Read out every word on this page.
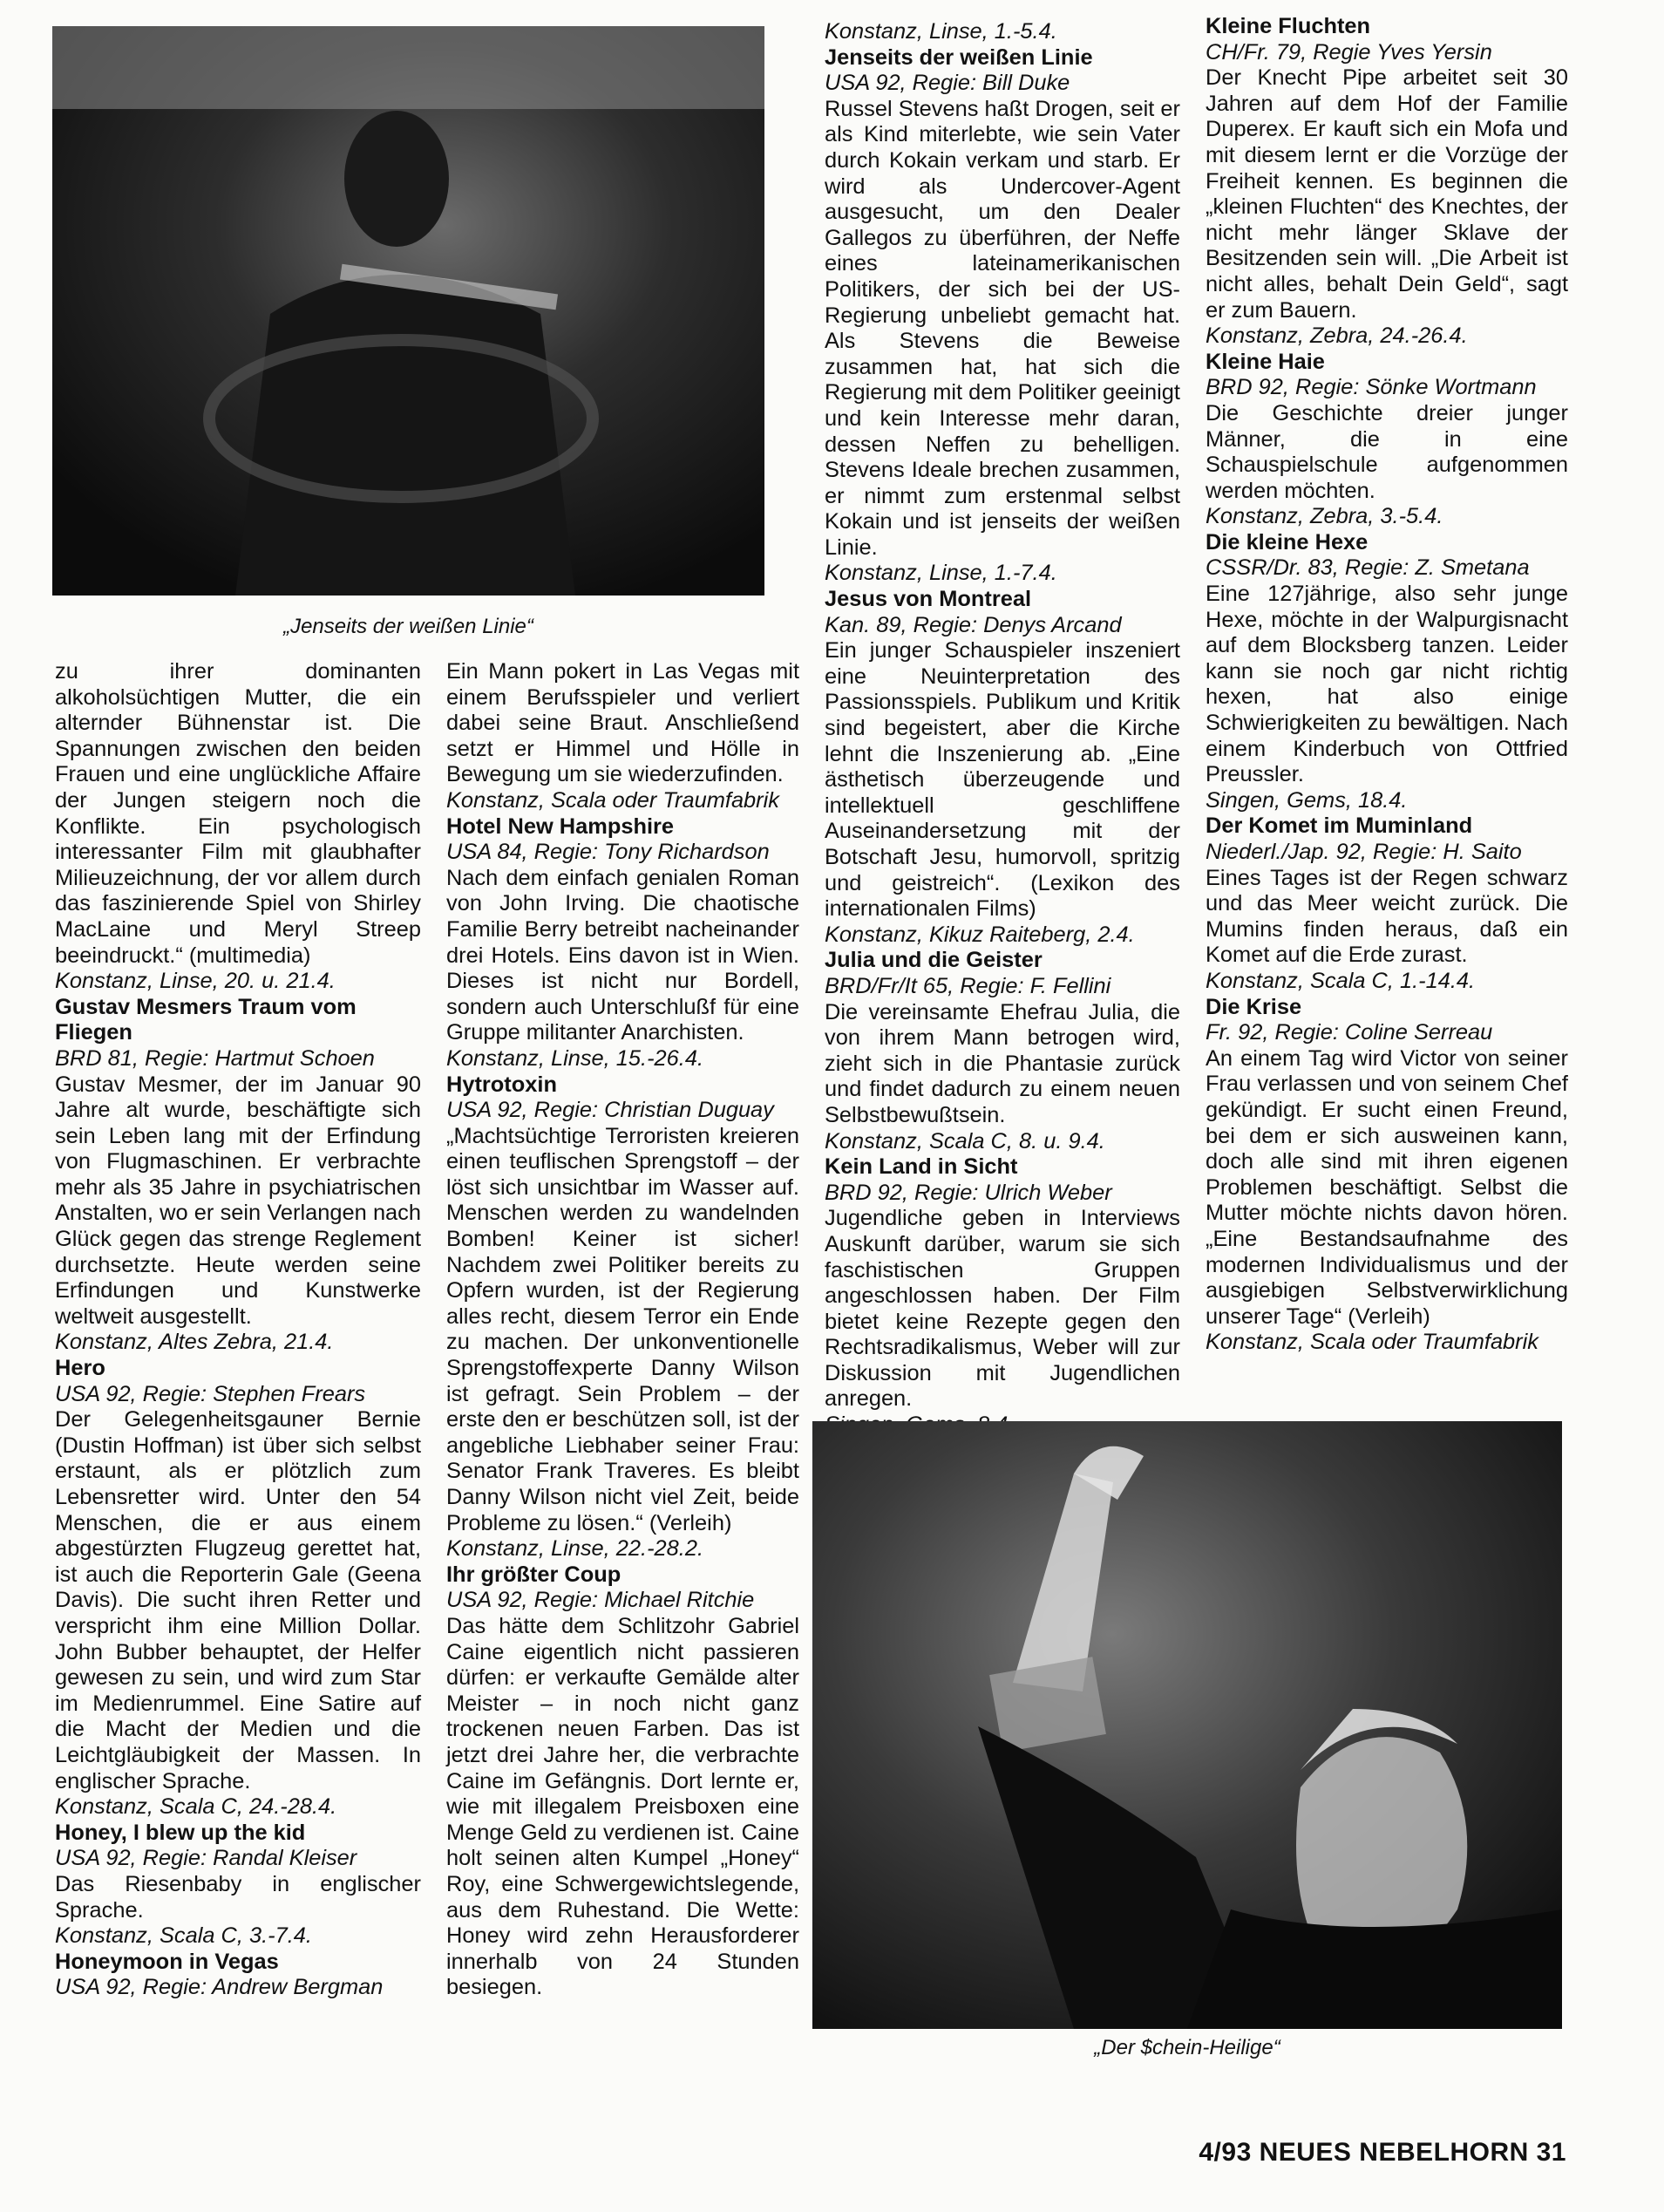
„Jenseits der weißen Linie“
zu ihrer dominanten alkoholsüchtigen Mutter, die ein alternder Bühnenstar ist. Die Spannungen zwischen den beiden Frauen und eine unglückliche Affaire der Jungen steigern noch die Konflikte. Ein psychologisch interessanter Film mit glaubhafter Milieuzeichnung, der vor allem durch das faszinierende Spiel von Shirley MacLaine und Meryl Streep beeindruckt.“ (multimedia)
Konstanz, Linse, 20. u. 21.4.
Gustav Mesmers Traum vom Fliegen
BRD 81, Regie: Hartmut Schoen
Gustav Mesmer, der im Januar 90 Jahre alt wurde, beschäftigte sich sein Leben lang mit der Erfindung von Flugmaschinen. Er verbrachte mehr als 35 Jahre in psychiatrischen Anstalten, wo er sein Verlangen nach Glück gegen das strenge Reglement durchsetzte. Heute werden seine Erfindungen und Kunstwerke weltweit ausgestellt.
Konstanz, Altes Zebra, 21.4.
Hero
USA 92, Regie: Stephen Frears
Der Gelegenheitsgauner Bernie (Dustin Hoffman) ist über sich selbst erstaunt, als er plötzlich zum Lebensretter wird. Unter den 54 Menschen, die er aus einem abgestürzten Flugzeug gerettet hat, ist auch die Reporterin Gale (Geena Davis). Die sucht ihren Retter und verspricht ihm eine Million Dollar. John Bubber behauptet, der Helfer gewesen zu sein, und wird zum Star im Medienrummel. Eine Satire auf die Macht der Medien und die Leichtgläubigkeit der Massen. In englischer Sprache.
Konstanz, Scala C, 24.-28.4.
Honey, I blew up the kid
USA 92, Regie: Randal Kleiser
Das Riesenbaby in englischer Sprache.
Konstanz, Scala C, 3.-7.4.
Honeymoon in Vegas
USA 92, Regie: Andrew Bergman
Ein Mann pokert in Las Vegas mit einem Berufsspieler und verliert dabei seine Braut. Anschließend setzt er Himmel und Hölle in Bewegung um sie wiederzufinden.
Konstanz, Scala oder Traumfabrik
Hotel New Hampshire
USA 84, Regie: Tony Richardson
Nach dem einfach genialen Roman von John Irving. Die chaotische Familie Berry betreibt nacheinander drei Hotels. Eins davon ist in Wien. Dieses ist nicht nur Bordell, sondern auch Unterschlußf für eine Gruppe militanter Anarchisten.
Konstanz, Linse, 15.-26.4.
Hytrotoxin
USA 92, Regie: Christian Duguay
„Machtsüchtige Terroristen kreieren einen teuflischen Sprengstoff – der löst sich unsichtbar im Wasser auf. Menschen werden zu wandelnden Bomben! Keiner ist sicher! Nachdem zwei Politiker bereits zu Opfern wurden, ist der Regierung alles recht, diesem Terror ein Ende zu machen. Der unkonventionelle Sprengstoffexperte Danny Wilson ist gefragt. Sein Problem – der erste den er beschützen soll, ist der angebliche Liebhaber seiner Frau: Senator Frank Traveres. Es bleibt Danny Wilson nicht viel Zeit, beide Probleme zu lösen.“ (Verleih)
Konstanz, Linse, 22.-28.2.
Ihr größter Coup
USA 92, Regie: Michael Ritchie
Das hätte dem Schlitzohr Gabriel Caine eigentlich nicht passieren dürfen: er verkaufte Gemälde alter Meister – in noch nicht ganz trockenen neuen Farben. Das ist jetzt drei Jahre her, die verbrachte Caine im Gefängnis. Dort lernte er, wie mit illegalem Preisboxen eine Menge Geld zu verdienen ist. Caine holt seinen alten Kumpel „Honey“ Roy, eine Schwergewichtslegende, aus dem Ruhestand. Die Wette: Honey wird zehn Herausforderer innerhalb von 24 Stunden besiegen.
Konstanz, Linse, 1.-5.4.
Jenseits der weißen Linie
USA 92, Regie: Bill Duke
Russel Stevens haßt Drogen, seit er als Kind miterlebte, wie sein Vater durch Kokain verkam und starb. Er wird als Undercover-Agent ausgesucht, um den Dealer Gallegos zu überführen, der Neffe eines lateinamerikanischen Politikers, der sich bei der US-Regierung unbeliebt gemacht hat. Als Stevens die Beweise zusammen hat, hat sich die Regierung mit dem Politiker geeinigt und kein Interesse mehr daran, dessen Neffen zu behelligen. Stevens Ideale brechen zusammen, er nimmt zum erstenmal selbst Kokain und ist jenseits der weißen Linie.
Konstanz, Linse, 1.-7.4.
Jesus von Montreal
Kan. 89, Regie: Denys Arcand
Ein junger Schauspieler inszeniert eine Neuinterpretation des Passionsspiels. Publikum und Kritik sind begeistert, aber die Kirche lehnt die Inszenierung ab. „Eine ästhetisch überzeugende und intellektuell geschliffene Auseinandersetzung mit der Botschaft Jesu, humorvoll, spritzig und geistreich“. (Lexikon des internationalen Films)
Konstanz, Kikuz Raiteberg, 2.4.
Julia und die Geister
BRD/Fr/It 65, Regie: F. Fellini
Die vereinsamte Ehefrau Julia, die von ihrem Mann betrogen wird, zieht sich in die Phantasie zurück und findet dadurch zu einem neuen Selbstbewußtsein.
Konstanz, Scala C, 8. u. 9.4.
Kein Land in Sicht
BRD 92, Regie: Ulrich Weber
Jugendliche geben in Interviews Auskunft darüber, warum sie sich faschistischen Gruppen angeschlossen haben. Der Film bietet keine Rezepte gegen den Rechtsradikalismus, Weber will zur Diskussion mit Jugendlichen anregen.
Kleine Fluchten
CH/Fr. 79, Regie Yves Yersin
Der Knecht Pipe arbeitet seit 30 Jahren auf dem Hof der Familie Duperex. Er kauft sich ein Mofa und mit diesem lernt er die Vorzüge der Freiheit kennen. Es beginnen die „kleinen Fluchten“ des Knechtes, der nicht mehr länger Sklave der Besitzenden sein will. „Die Arbeit ist nicht alles, behalt Dein Geld“, sagt er zum Bauern.
Konstanz, Zebra, 24.-26.4.
Kleine Haie
BRD 92, Regie: Sönke Wortmann
Die Geschichte dreier junger Männer, die in eine Schauspielschule aufgenommen werden möchten.
Konstanz, Zebra, 3.-5.4.
Die kleine Hexe
CSSR/Dr. 83, Regie: Z. Smetana
Eine 127jährige, also sehr junge Hexe, möchte in der Walpurgisnacht auf dem Blocksberg tanzen. Leider kann sie noch gar nicht richtig hexen, hat also einige Schwierigkeiten zu bewältigen. Nach einem Kinderbuch von Ottfried Preussler.
Singen, Gems, 18.4.
Der Komet im Muminland
Niederl./Jap. 92, Regie: H. Saito
Eines Tages ist der Regen schwarz und das Meer weicht zurück. Die Mumins finden heraus, daß ein Komet auf die Erde zurast.
Konstanz, Scala C, 1.-14.4.
Die Krise
Fr. 92, Regie: Coline Serreau
An einem Tag wird Victor von seiner Frau verlassen und von seinem Chef gekündigt. Er sucht einen Freund, bei dem er sich ausweinen kann, doch alle sind mit ihren eigenen Problemen beschäftigt. Selbst die Mutter möchte nichts davon hören. „Eine Bestandsaufnahme des modernen Individualismus und der ausgiebigen Selbstverwirklichung unserer Tage“ (Verleih)
Konstanz, Scala oder Traumfabrik
„Der $chein-Heilige“
4/93 NEUES NEBELHORN 31
